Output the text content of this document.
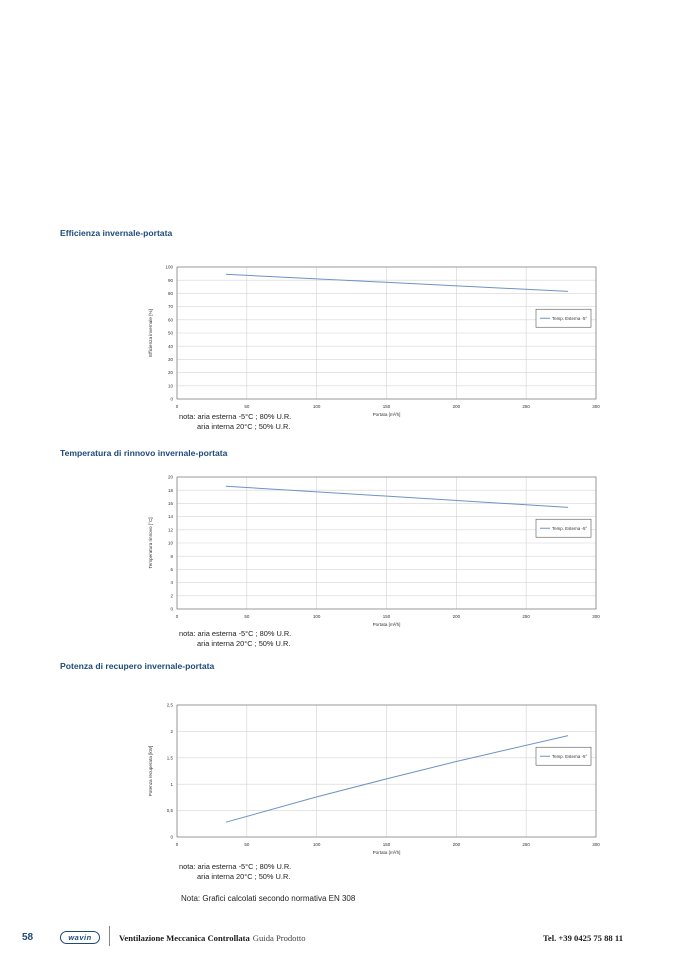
Efficienza invernale-portata
0	50	100	150	200	250	300
0
10
20
30
40
50
60
70
80
90
100
Portata [m³/h]
Efficienza invernale [%]	Temp. Esterna -5°
nota: aria esterna -5°C ; 80% U.R.
aria interna 20°C ; 50% U.R.
Temperatura di rinnovo invernale-portata
0	50	100	150	200	250	300
0
2
4
6
8
10
12
14
16
18
20
Portata [m³/h]
Temperatura rinnovo [°C]	Temp. Esterna -5°
nota: aria esterna -5°C ; 80% U.R.
aria interna 20°C ; 50% U.R.
Potenza di recupero invernale-portata
0	50	100	150	200	250	300
0
0,5
1
1,5
2
2,5
Portata [m³/h]
Potenza recuperata [kW]	Temp. Esterna -5°
nota: aria esterna -5°C ; 80% U.R.
aria interna 20°C ; 50% U.R.
Nota: Grafici calcolati secondo normativa EN 308
58	wavin	Ventilazione Meccanica Controllata Guida Prodotto	Tel. +39 0425 75 88 11
